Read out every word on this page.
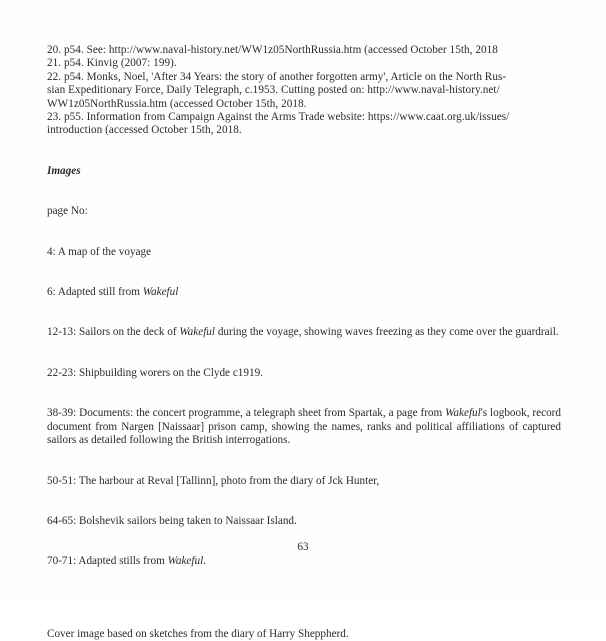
20. p54. See: http://www.naval-history.net/WW1z05NorthRussia.htm (accessed October 15th, 2018
21. p54. Kinvig (2007: 199).
22. p54. Monks, Noel, 'After 34 Years: the story of another forgotten army', Article on the North Rus-
sian Expeditionary Force, Daily Telegraph, c.1953. Cutting posted on: http://www.naval-history.net/
WW1z05NorthRussia.htm (accessed October 15th, 2018.
23. p55. Information from Campaign Against the Arms Trade website: https://www.caat.org.uk/issues/
introduction (accessed October 15th, 2018.
Images
page No:
4: A map of the voyage
6: Adapted still from Wakeful
12-13: Sailors on the deck of Wakeful during the voyage, showing waves freezing as they come over the guardrail.
22-23: Shipbuilding worers on the Clyde c1919.
38-39: Documents: the concert programme, a telegraph sheet from Spartak, a page from Wakeful's logbook, record document from Nargen [Naissaar] prison camp, showing the names, ranks and political affiliations of captured sailors as detailed following the British interrogations.
50-51: The harbour at Reval [Tallinn], photo from the diary of Jck Hunter,
64-65: Bolshevik sailors being taken to Naissaar Island.
70-71: Adapted stills from Wakeful.
Cover image based on sketches from the diary of Harry Sheppherd.
63
